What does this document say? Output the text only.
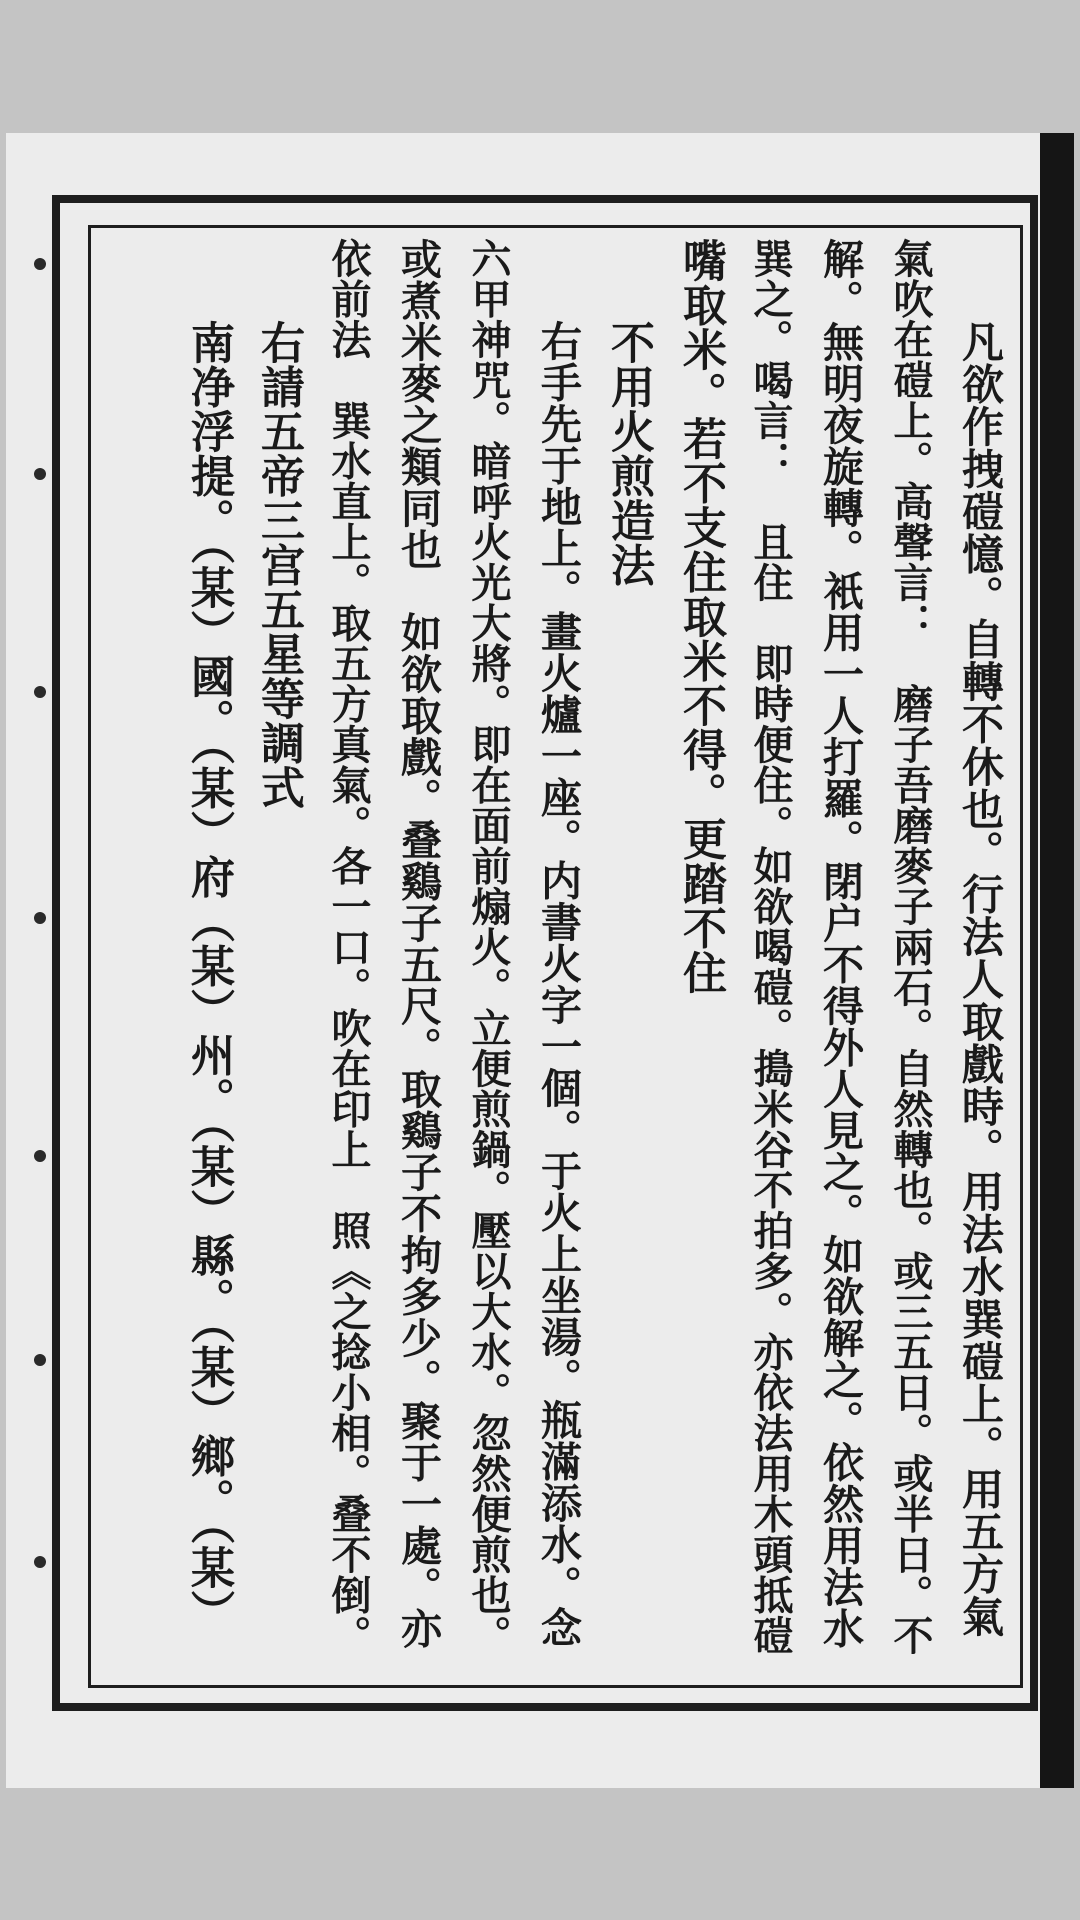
凡欲作拽磑憶。自轉不休也。行法人取戲時。用法水巽磑上。用五方氣
氣吹在磑上。高聲言：　磨子吾磨麥子兩石。自然轉也。或三五日。或半日。不
解。無明夜旋轉。衹用一人打羅。閉户不得外人見之。如欲解之。依然用法水
巽之。喝言：　且住　即時便住。如欲喝磑。搗米谷不拍多。亦依法用木頭抵磑
嘴取米。若不支住取米不得。更踏不住
不用火煎造法
右手先于地上。畫火爐一座。内書火字一個。于火上坐湯。瓶滿添水。念
六甲神咒。暗呼火光大將。即在面前煽火。立便煎鍋。壓以大水。忽然便煎也。
或煮米麥之類同也　如欲取戲。叠鷄子五尺。取鷄子不拘多少。聚于一處。亦
依前法　巽水直上。取五方真氣。各一口。吹在印上　照《之捻小相。叠不倒。
右請五帝三宫五星等調式
南净浮提。（某）國。（某）府（某）州。（某）縣。（某）鄉。（某）
